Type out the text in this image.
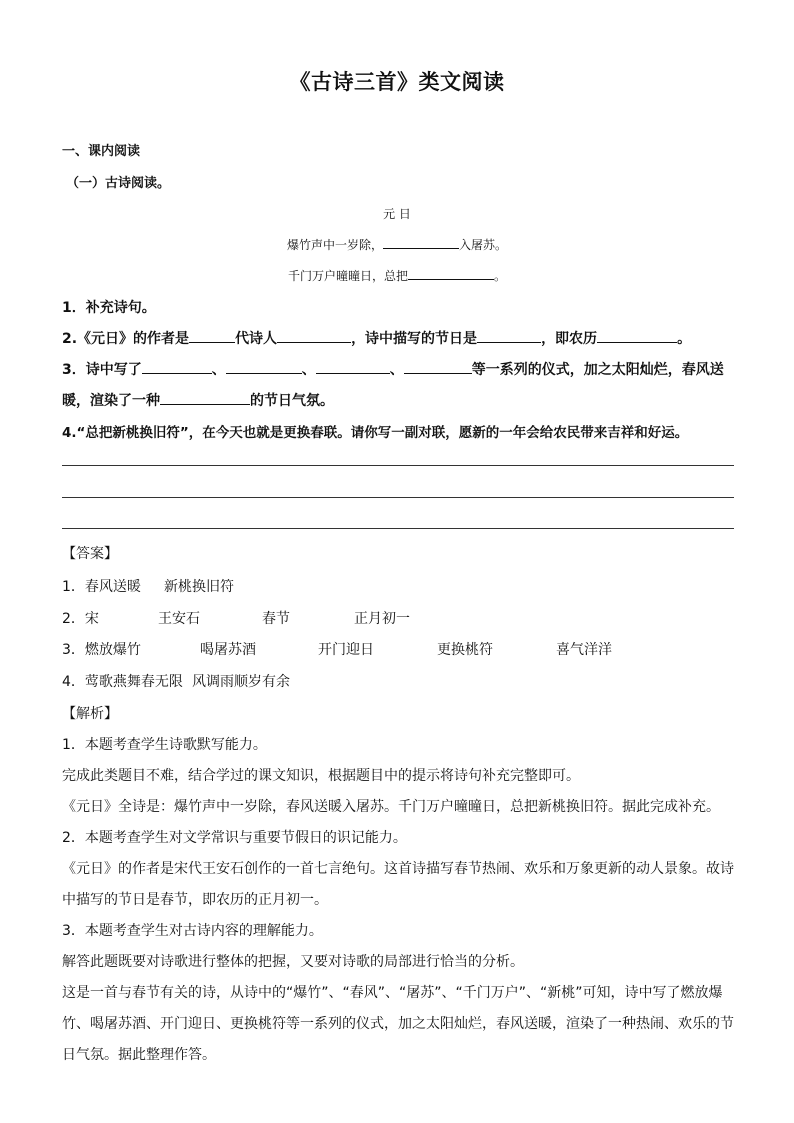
《古诗三首》类文阅读
一、课内阅读
（一）古诗阅读。
元 日
爆竹声中一岁除，	入屠苏。
千门万户曈曈日，总把	。
1．补充诗句。
2.《元日》的作者是	代诗人	，诗中描写的节日是	，即农历	。
3．诗中写了	、	、	、	等一系列的仪式，加之太阳灿烂，春风送
暖，渲染了一种	的节日气氛。
4.“总把新桃换旧符”，在今天也就是更换春联。请你写一副对联，愿新的一年会给农民带来吉祥和好运。
【答案】
1．春风送暖 新桃换旧符
2．宋	王安石	春节	正月初一
3．燃放爆竹	喝屠苏酒	开门迎日	更换桃符	喜气洋洋
4．莺歌燕舞春无限 风调雨顺岁有余
【解析】
1．本题考查学生诗歌默写能力。
完成此类题目不难，结合学过的课文知识，根据题目中的提示将诗句补充完整即可。
《元日》全诗是：爆竹声中一岁除，春风送暖入屠苏。千门万户曈曈日，总把新桃换旧符。据此完成补充。
2．本题考查学生对文学常识与重要节假日的识记能力。
《元日》的作者是宋代王安石创作的一首七言绝句。这首诗描写春节热闹、欢乐和万象更新的动人景象。故诗
中描写的节日是春节，即农历的正月初一。
3．本题考查学生对古诗内容的理解能力。
解答此题既要对诗歌进行整体的把握，又要对诗歌的局部进行恰当的分析。
这是一首与春节有关的诗，从诗中的“爆竹”、“春风”、“屠苏”、“千门万户”、“新桃”可知，诗中写了燃放爆
竹、喝屠苏酒、开门迎日、更换桃符等一系列的仪式，加之太阳灿烂，春风送暖，渲染了一种热闹、欢乐的节
日气氛。据此整理作答。
